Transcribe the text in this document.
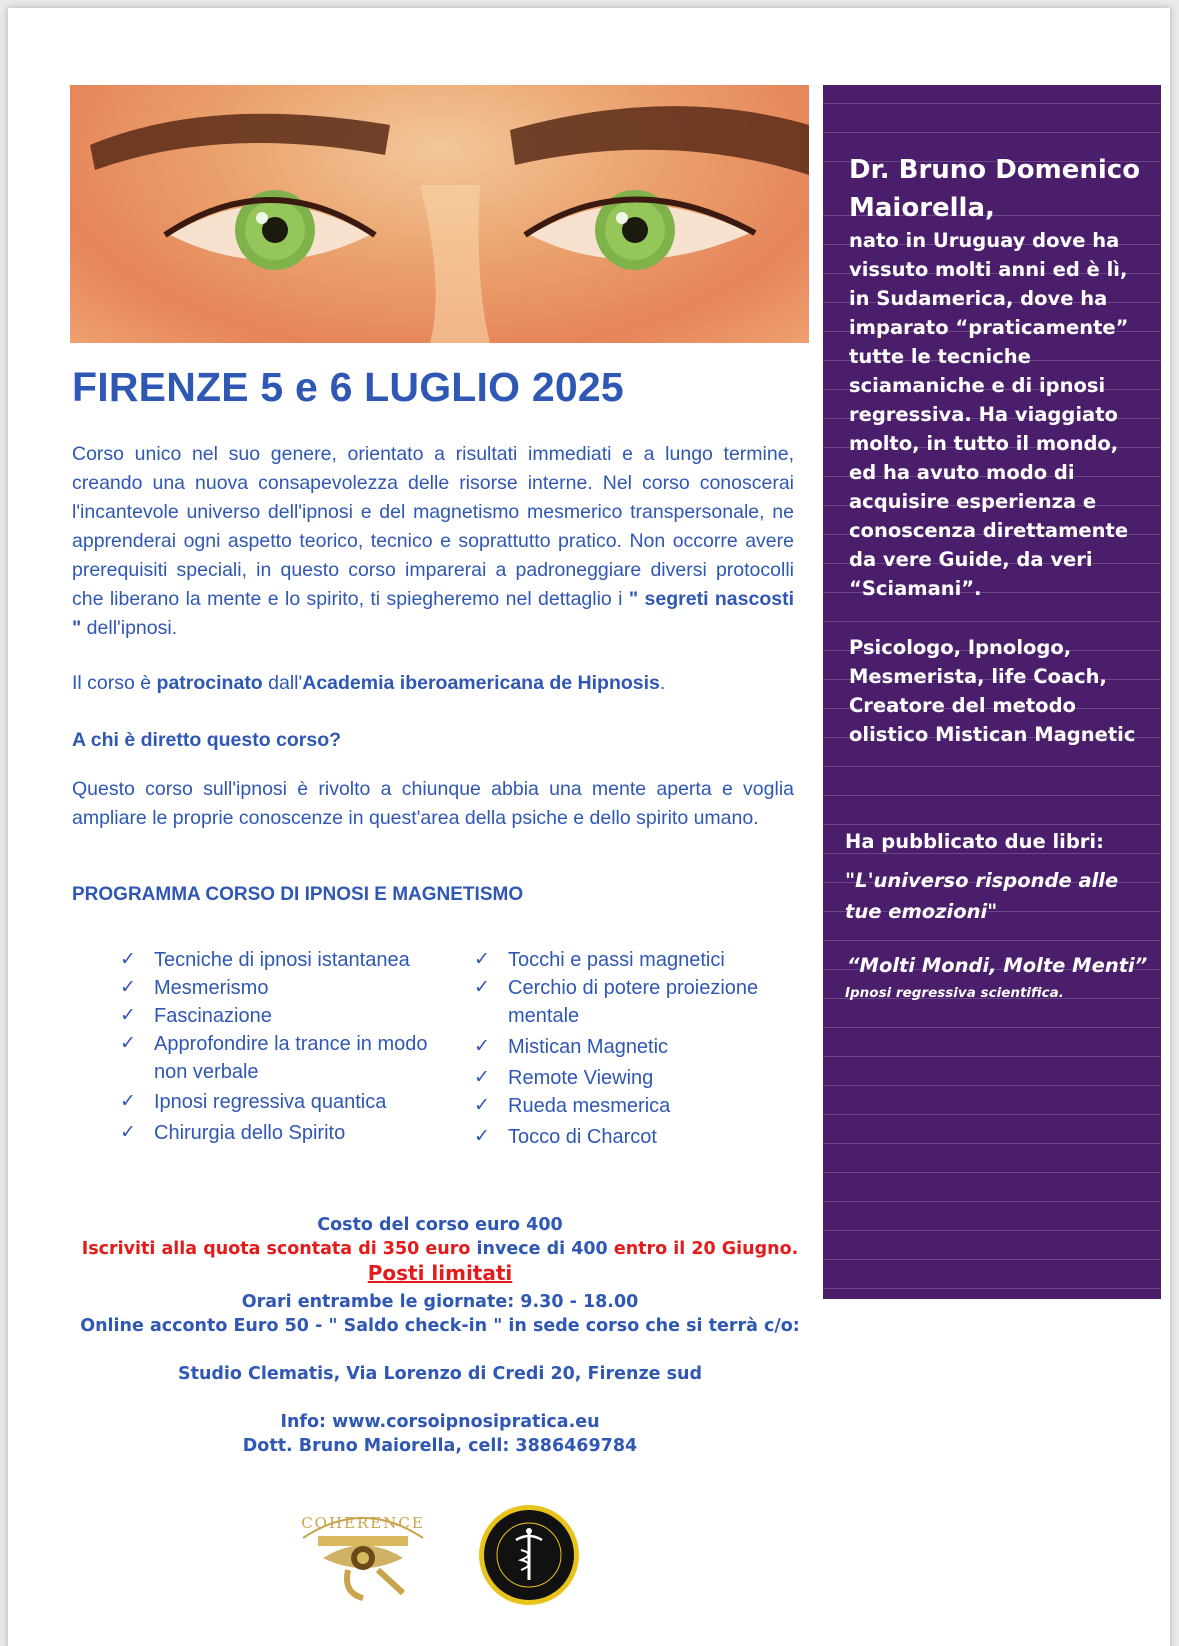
FIRENZE 5 e 6 LUGLIO 2025

Corso unico nel suo genere, orientato a risultati immediati e a lungo termine, creando una nuova consapevolezza delle risorse interne. Nel corso conoscerai l'incantevole universo dell'ipnosi e del magnetismo mesmerico transpersonale, ne apprenderai ogni aspetto teorico, tecnico e soprattutto pratico. Non occorre avere prerequisiti speciali, in questo corso imparerai a padroneggiare diversi protocolli che liberano la mente e lo spirito, ti spiegheremo nel dettaglio i " segreti nascosti " dell'ipnosi.

Il corso è patrocinato dall'Academia iberoamericana de Hipnosis.

A chi è diretto questo corso?

Questo corso sull'ipnosi è rivolto a chiunque abbia una mente aperta e voglia ampliare le proprie conoscenze in quest'area della psiche e dello spirito umano.

PROGRAMMA CORSO DI IPNOSI E MAGNETISMO

✓ Tecniche di ipnosi istantanea
✓ Mesmerismo
✓ Fascinazione
✓ Approfondire la trance in modo non verbale
✓ Ipnosi regressiva quantica
✓ Chirurgia dello Spirito
✓ Tocchi e passi magnetici
✓ Cerchio di potere proiezione mentale
✓ Mistican Magnetic
✓ Remote Viewing
✓ Rueda mesmerica
✓ Tocco di Charcot
Costo del corso euro 400
Iscriviti alla quota scontata di 350 euro invece di 400 entro il 20 Giugno.
Posti limitati
Orari entrambe le giornate: 9.30 - 18.00
Online acconto Euro 50 - " Saldo check-in " in sede corso che si terrà c/o:
Studio Clematis, Via Lorenzo di Credi 20, Firenze sud
Info: www.corsoipnosipratica.eu
Dott. Bruno Maiorella, cell: 3886469784
Dr. Bruno Domenico Maiorella,
nato in Uruguay dove ha vissuto molti anni ed è lì, in Sudamerica, dove ha imparato “praticamente” tutte le tecniche sciamaniche e di ipnosi regressiva. Ha viaggiato molto, in tutto il mondo, ed ha avuto modo di acquisire esperienza e conoscenza direttamente da vere Guide, da veri “Sciamani”.
Psicologo, Ipnologo, Mesmerista, life Coach, Creatore del metodo olistico Mistican Magnetic
Ha pubblicato due libri:
"L'universo risponde alle tue emozioni"
“Molti Mondi, Molte Menti”
Ipnosi regressiva scientifica.
COHERENCE
